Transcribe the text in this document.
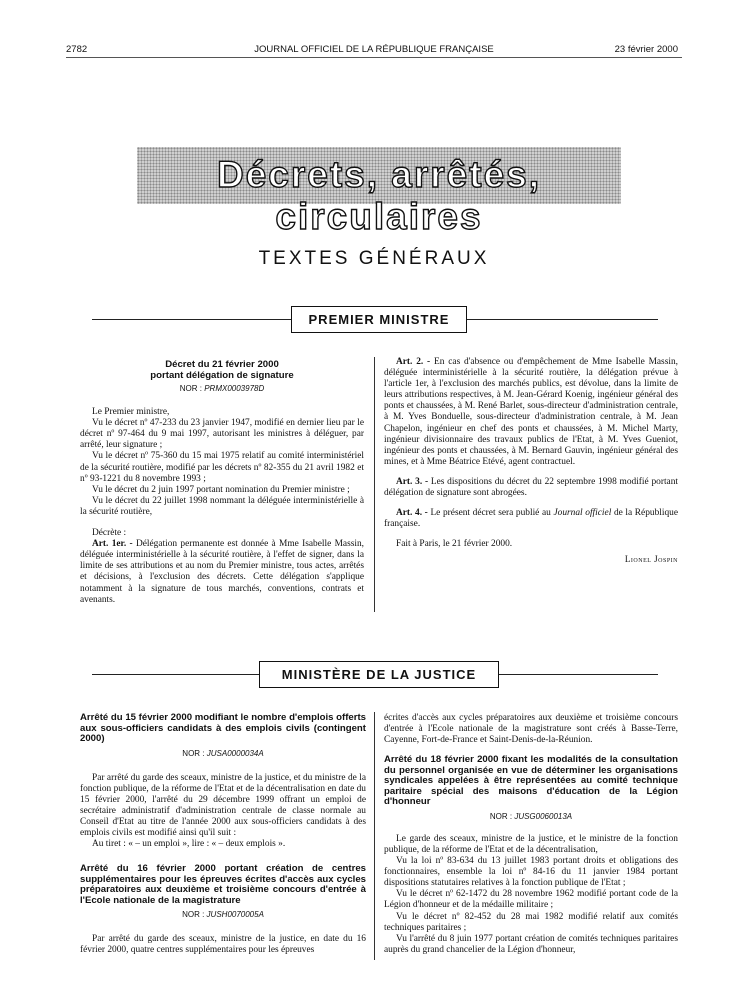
2782	JOURNAL OFFICIEL DE LA RÉPUBLIQUE FRANÇAISE	23 février 2000
Décrets, arrêtés, circulaires
TEXTES GÉNÉRAUX
PREMIER MINISTRE
Décret du 21 février 2000
portant délégation de signature
NOR : PRMX0003978D

Le Premier ministre,

Vu le décret nº 47-233 du 23 janvier 1947, modifié en dernier lieu par le décret nº 97-464 du 9 mai 1997, autorisant les ministres à déléguer, par arrêté, leur signature ;

Vu le décret nº 75-360 du 15 mai 1975 relatif au comité interministériel de la sécurité routière, modifié par les décrets nº 82-355 du 21 avril 1982 et nº 93-1221 du 8 novembre 1993 ;

Vu le décret du 2 juin 1997 portant nomination du Premier ministre ;

Vu le décret du 22 juillet 1998 nommant la déléguée interministérielle à la sécurité routière,

Décrète :

Art. 1er. - Délégation permanente est donnée à Mme Isabelle Massin, déléguée interministérielle à la sécurité routière, à l'effet de signer, dans la limite de ses attributions et au nom du Premier ministre, tous actes, arrêtés et décisions, à l'exclusion des décrets. Cette délégation s'applique notamment à la signature de tous marchés, conventions, contrats et avenants.

Art. 2. - En cas d'absence ou d'empêchement de Mme Isabelle Massin, déléguée interministérielle à la sécurité routière, la délégation prévue à l'article 1er, à l'exclusion des marchés publics, est dévolue, dans la limite de leurs attributions respectives, à M. Jean-Gérard Koenig, ingénieur général des ponts et chaussées, à M. René Barlet, sous-directeur d'administration centrale, à M. Yves Bonduelle, sous-directeur d'administration centrale, à M. Jean Chapelon, ingénieur en chef des ponts et chaussées, à M. Michel Marty, ingénieur divisionnaire des travaux publics de l'Etat, à M. Yves Gueniot, ingénieur des ponts et chaussées, à M. Bernard Gauvin, ingénieur général des mines, et à Mme Béatrice Etévé, agent contractuel.

Art. 3. - Les dispositions du décret du 22 septembre 1998 modifié portant délégation de signature sont abrogées.

Art. 4. - Le présent décret sera publié au Journal officiel de la République française.

Fait à Paris, le 21 février 2000.

Lionel Jospin
MINISTÈRE DE LA JUSTICE
Arrêté du 15 février 2000 modifiant le nombre d'emplois offerts aux sous-officiers candidats à des emplois civils (contingent 2000)
NOR : JUSA0000034A

Par arrêté du garde des sceaux, ministre de la justice, et du ministre de la fonction publique, de la réforme de l'Etat et de la décentralisation en date du 15 février 2000, l'arrêté du 29 décembre 1999 offrant un emploi de secrétaire administratif d'administration centrale de classe normale au Conseil d'Etat au titre de l'année 2000 aux sous-officiers candidats à des emplois civils est modifié ainsi qu'il suit :

Au tiret : « – un emploi », lire : « – deux emplois ».

Arrêté du 16 février 2000 portant création de centres supplémentaires pour les épreuves écrites d'accès aux cycles préparatoires aux deuxième et troisième concours d'entrée à l'Ecole nationale de la magistrature
NOR : JUSH0070005A

Par arrêté du garde des sceaux, ministre de la justice, en date du 16 février 2000, quatre centres supplémentaires pour les épreuves

écrites d'accès aux cycles préparatoires aux deuxième et troisième concours d'entrée à l'Ecole nationale de la magistrature sont créés à Basse-Terre, Cayenne, Fort-de-France et Saint-Denis-de-la-Réunion.

Arrêté du 18 février 2000 fixant les modalités de la consultation du personnel organisée en vue de déterminer les organisations syndicales appelées à être représentées au comité technique paritaire spécial des maisons d'éducation de la Légion d'honneur
NOR : JUSG0060013A

Le garde des sceaux, ministre de la justice, et le ministre de la fonction publique, de la réforme de l'Etat et de la décentralisation,

Vu la loi nº 83-634 du 13 juillet 1983 portant droits et obligations des fonctionnaires, ensemble la loi nº 84-16 du 11 janvier 1984 portant dispositions statutaires relatives à la fonction publique de l'Etat ;

Vu le décret nº 62-1472 du 28 novembre 1962 modifié portant code de la Légion d'honneur et de la médaille militaire ;

Vu le décret nº 82-452 du 28 mai 1982 modifié relatif aux comités techniques paritaires ;

Vu l'arrêté du 8 juin 1977 portant création de comités techniques paritaires auprès du grand chancelier de la Légion d'honneur,
